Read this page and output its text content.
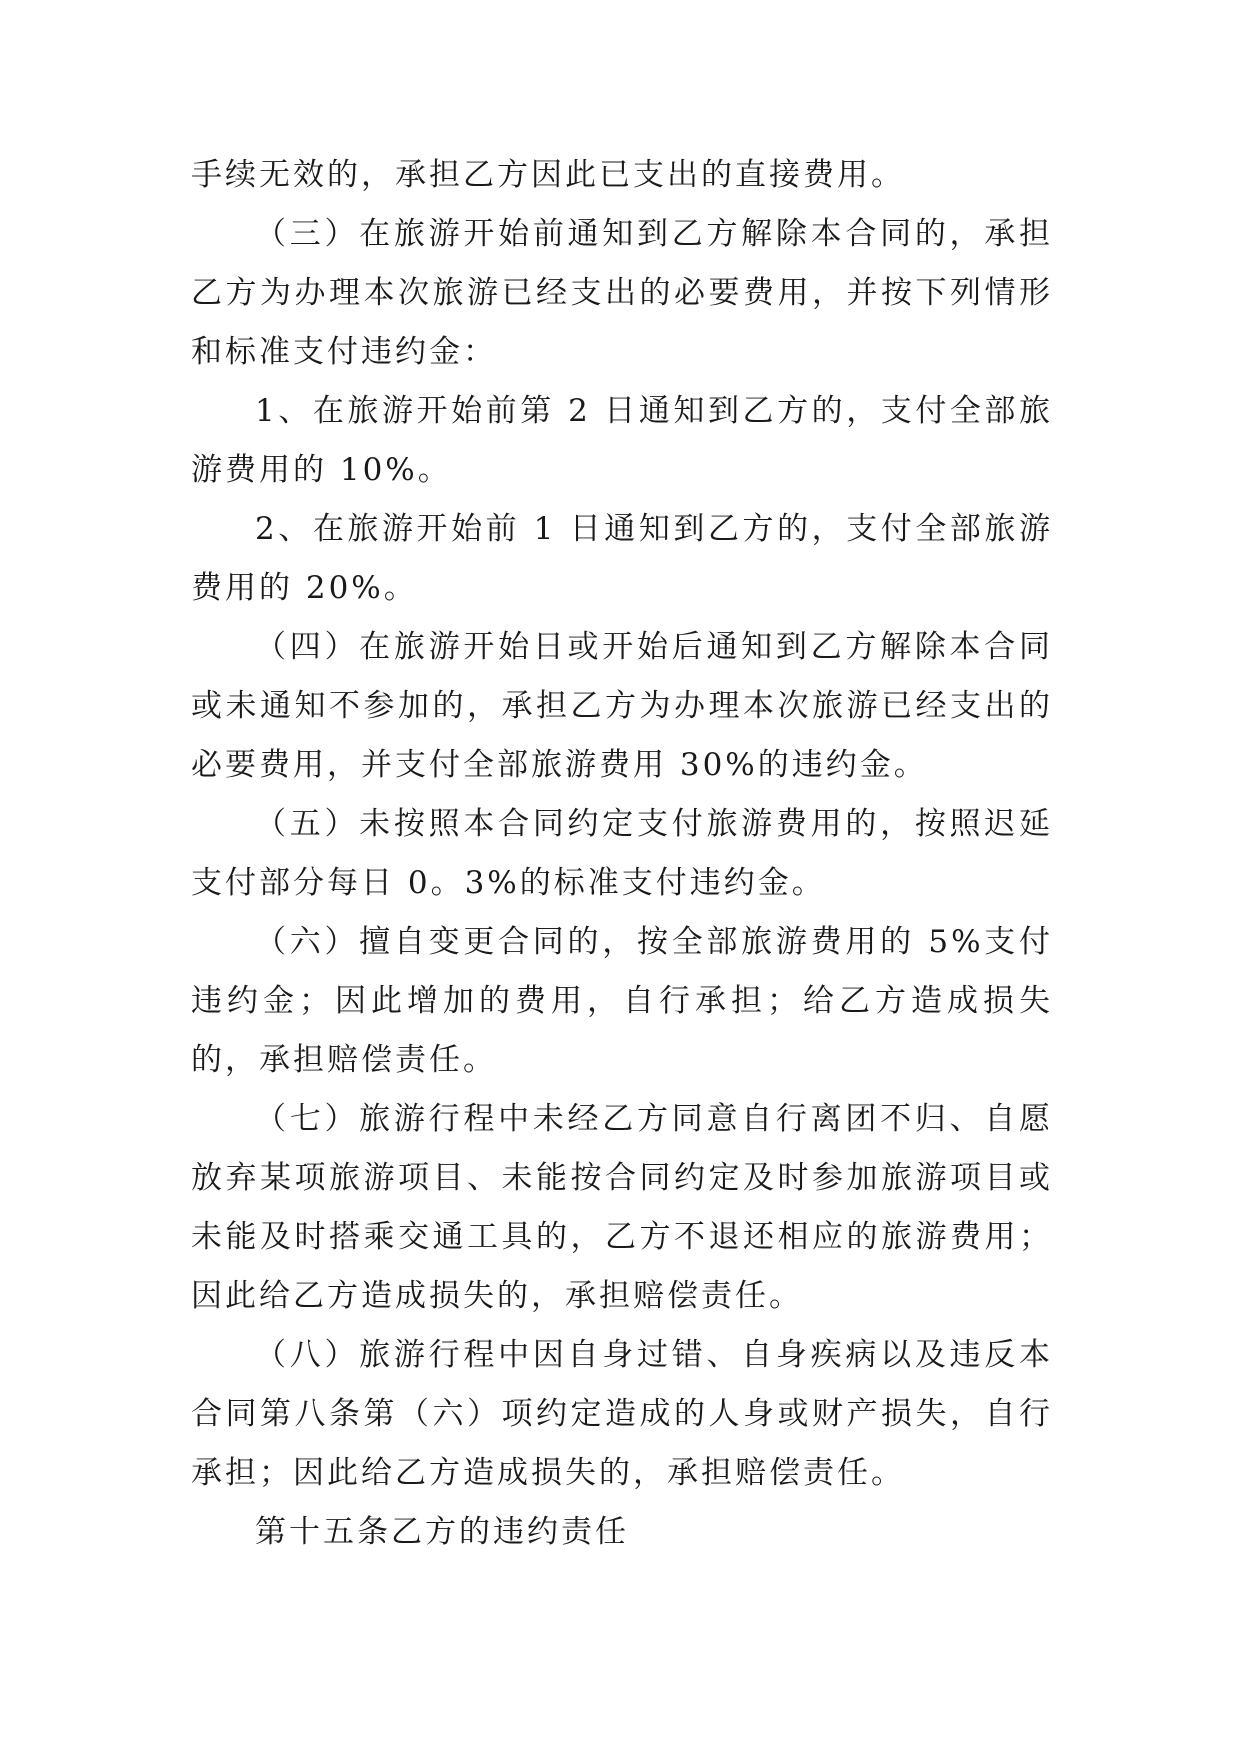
手续无效的，承担乙方因此已支出的直接费用。

（三）在旅游开始前通知到乙方解除本合同的，承担乙方为办理本次旅游已经支出的必要费用，并按下列情形和标准支付违约金：

1、在旅游开始前第 2 日通知到乙方的，支付全部旅游费用的 10%。

2、在旅游开始前 1 日通知到乙方的，支付全部旅游费用的 20%。

（四）在旅游开始日或开始后通知到乙方解除本合同或未通知不参加的，承担乙方为办理本次旅游已经支出的必要费用，并支付全部旅游费用 30%的违约金。

（五）未按照本合同约定支付旅游费用的，按照迟延支付部分每日 0。3%的标准支付违约金。

（六）擅自变更合同的，按全部旅游费用的 5%支付违约金；因此增加的费用，自行承担；给乙方造成损失的，承担赔偿责任。

（七）旅游行程中未经乙方同意自行离团不归、自愿放弃某项旅游项目、未能按合同约定及时参加旅游项目或未能及时搭乘交通工具的，乙方不退还相应的旅游费用；因此给乙方造成损失的，承担赔偿责任。

（八）旅游行程中因自身过错、自身疾病以及违反本合同第八条第（六）项约定造成的人身或财产损失，自行承担；因此给乙方造成损失的，承担赔偿责任。

第十五条乙方的违约责任
